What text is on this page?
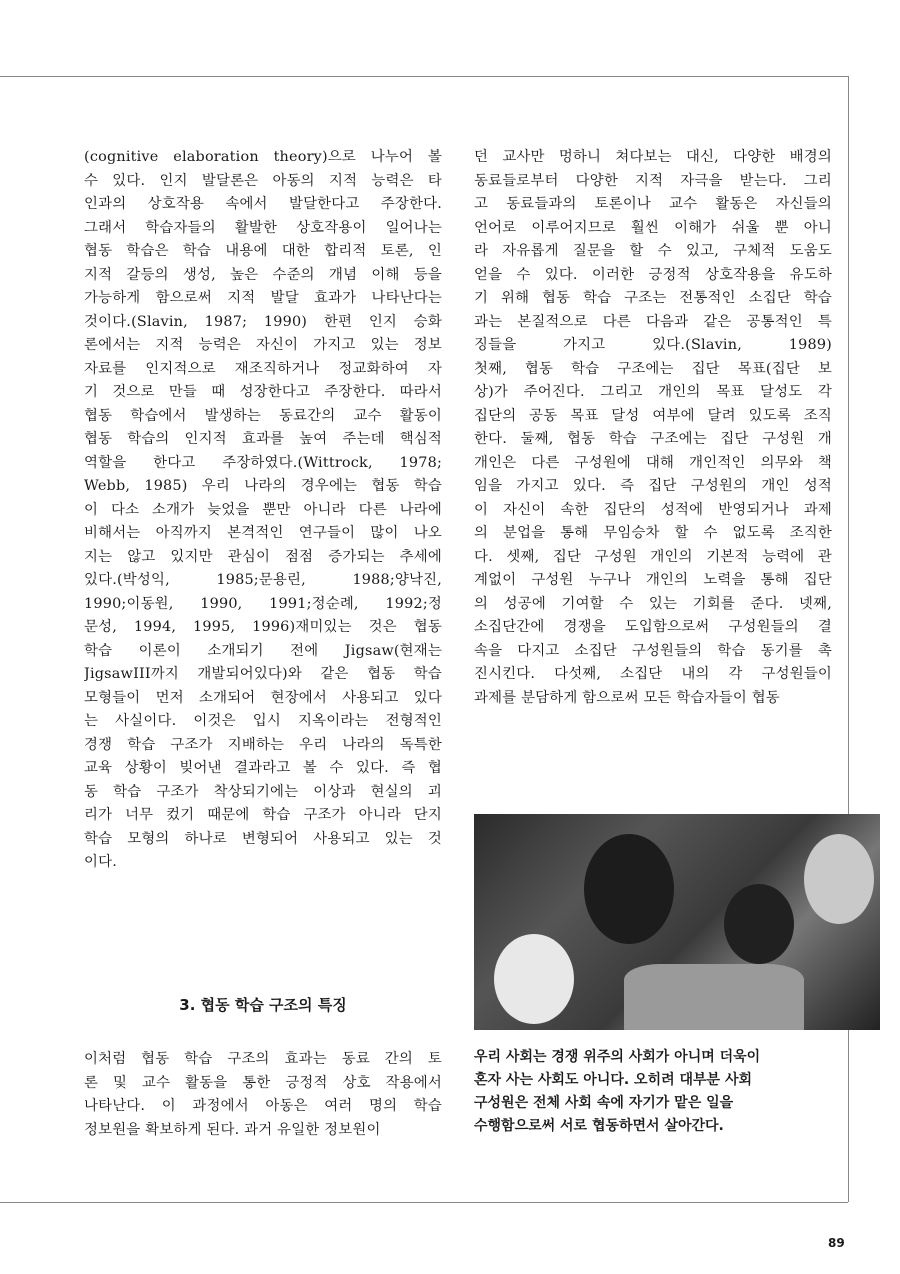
(cognitive elaboration theory)으로 나누어 볼
수 있다. 인지 발달론은 아동의 지적 능력은 타
인과의 상호작용 속에서 발달한다고 주장한다.
그래서 학습자들의 활발한 상호작용이 일어나는
협동 학습은 학습 내용에 대한 합리적 토론, 인
지적 갈등의 생성, 높은 수준의 개념 이해 등을
가능하게 함으로써 지적 발달 효과가 나타난다는
것이다.(Slavin, 1987; 1990) 한편 인지 승화
론에서는 지적 능력은 자신이 가지고 있는 정보
자료를 인지적으로 재조직하거나 정교화하여 자
기 것으로 만들 때 성장한다고 주장한다. 따라서
협동 학습에서 발생하는 동료간의 교수 활동이
협동 학습의 인지적 효과를 높여 주는데 핵심적
역할을 한다고 주장하였다.(Wittrock, 1978;
Webb, 1985) 우리 나라의 경우에는 협동 학습
이 다소 소개가 늦었을 뿐만 아니라 다른 나라에
비해서는 아직까지 본격적인 연구들이 많이 나오
지는 않고 있지만 관심이 점점 증가되는 추세에
있다.(박성익, 1985;문용린, 1988;양낙진,
1990;이동원, 1990, 1991;정순례, 1992;정
문성, 1994, 1995, 1996)재미있는 것은 협동
학습 이론이 소개되기 전에 Jigsaw(현재는
JigsawIII까지 개발되어있다)와 같은 협동 학습
모형들이 먼저 소개되어 현장에서 사용되고 있다
는 사실이다. 이것은 입시 지옥이라는 전형적인
경쟁 학습 구조가 지배하는 우리 나라의 독특한
교육 상황이 빚어낸 결과라고 볼 수 있다. 즉 협
동 학습 구조가 착상되기에는 이상과 현실의 괴
리가 너무 컸기 때문에 학습 구조가 아니라 단지
학습 모형의 하나로 변형되어 사용되고 있는 것
이다.
3. 협동 학습 구조의 특징
이처럼 협동 학습 구조의 효과는 동료 간의 토
론 및 교수 활동을 통한 긍정적 상호 작용에서
나타난다. 이 과정에서 아동은 여러 명의 학습
정보원을 확보하게 된다. 과거 유일한 정보원이
던 교사만 멍하니 쳐다보는 대신, 다양한 배경의
동료들로부터 다양한 지적 자극을 받는다. 그리
고 동료들과의 토론이나 교수 활동은 자신들의
언어로 이루어지므로 훨씬 이해가 쉬울 뿐 아니
라 자유롭게 질문을 할 수 있고, 구체적 도움도
얻을 수 있다. 이러한 긍정적 상호작용을 유도하
기 위해 협동 학습 구조는 전통적인 소집단 학습
과는 본질적으로 다른 다음과 같은 공통적인 특
징들을 가지고 있다.(Slavin, 1989)
첫째, 협동 학습 구조에는 집단 목표(집단 보
상)가 주어진다. 그리고 개인의 목표 달성도 각
집단의 공동 목표 달성 여부에 달려 있도록 조직
한다. 둘째, 협동 학습 구조에는 집단 구성원 개
개인은 다른 구성원에 대해 개인적인 의무와 책
임을 가지고 있다. 즉 집단 구성원의 개인 성적
이 자신이 속한 집단의 성적에 반영되거나 과제
의 분업을 통해 무임승차 할 수 없도록 조직한
다. 셋째, 집단 구성원 개인의 기본적 능력에 관
계없이 구성원 누구나 개인의 노력을 통해 집단
의 성공에 기여할 수 있는 기회를 준다. 넷째,
소집단간에 경쟁을 도입함으로써 구성원들의 결
속을 다지고 소집단 구성원들의 학습 동기를 촉
진시킨다. 다섯째, 소집단 내의 각 구성원들이
과제를 분담하게 함으로써 모든 학습자들이 협동
우리 사회는 경쟁 위주의 사회가 아니며 더욱이
혼자 사는 사회도 아니다. 오히려 대부분 사회
구성원은 전체 사회 속에 자기가 맡은 일을
수행함으로써 서로 협동하면서 살아간다.
89
